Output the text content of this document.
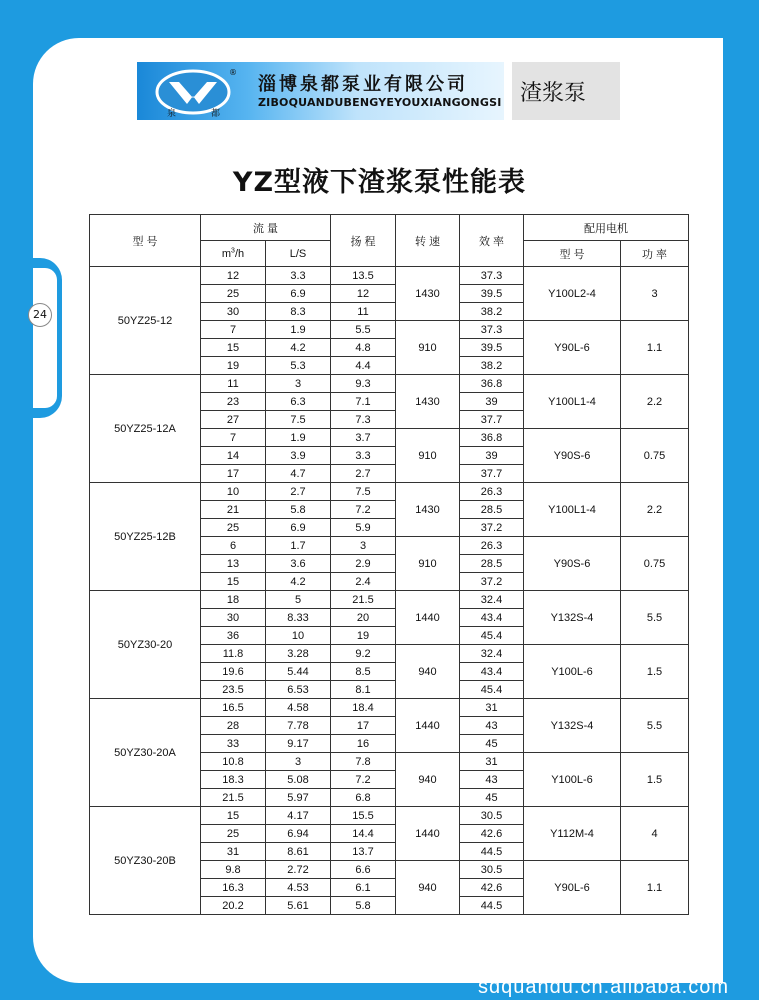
24
®
泉	都
淄博泉都泵业有限公司
ZIBOQUANDUBENGYEYOUXIANGONGSI 渣浆泵
YZ型液下渣浆泵性能表
型 号	流 量		扬 程	转 速	效 率	配用电机	
	$m^3/h$	L/S				型 号	功 率
50YZ25-12	12	3.3	13.5	1430	37.3	Y100L2-4	3
	25	6.9	12		39.5		
	30	8.3	11		38.2		
	7	1.9	5.5	910	37.3	Y90L-6	1.1
	15	4.2	4.8		39.5		
	19	5.3	4.4		38.2		
50YZ25-12A	11	3	9.3	1430	36.8	Y100L1-4	2.2
	23	6.3	7.1		39		
	27	7.5	7.3		37.7		
	7	1.9	3.7	910	36.8	Y90S-6	0.75
	14	3.9	3.3		39		
	17	4.7	2.7		37.7		
50YZ25-12B	10	2.7	7.5	1430	26.3	Y100L1-4	2.2
	21	5.8	7.2		28.5		
	25	6.9	5.9		37.2		
	6	1.7	3	910	26.3	Y90S-6	0.75
	13	3.6	2.9		28.5		
	15	4.2	2.4		37.2		
50YZ30-20	18	5	21.5	1440	32.4	Y132S-4	5.5
	30	8.33	20		43.4		
	36	10	19		45.4		
	11.8	3.28	9.2	940	32.4	Y100L-6	1.5
	19.6	5.44	8.5		43.4		
	23.5	6.53	8.1		45.4		
50YZ30-20A	16.5	4.58	18.4	1440	31	Y132S-4	5.5
	28	7.78	17		43		
	33	9.17	16		45		
	10.8	3	7.8	940	31	Y100L-6	1.5
	18.3	5.08	7.2		43		
	21.5	5.97	6.8		45		
50YZ30-20B	15	4.17	15.5	1440	30.5	Y112M-4	4
	25	6.94	14.4		42.6		
	31	8.61	13.7		44.5		
	9.8	2.72	6.6	940	30.5	Y90L-6	1.1
	16.3	4.53	6.1		42.6		
	20.2	5.61	5.8		44.5		
sdquandu.cn.alibaba.com
